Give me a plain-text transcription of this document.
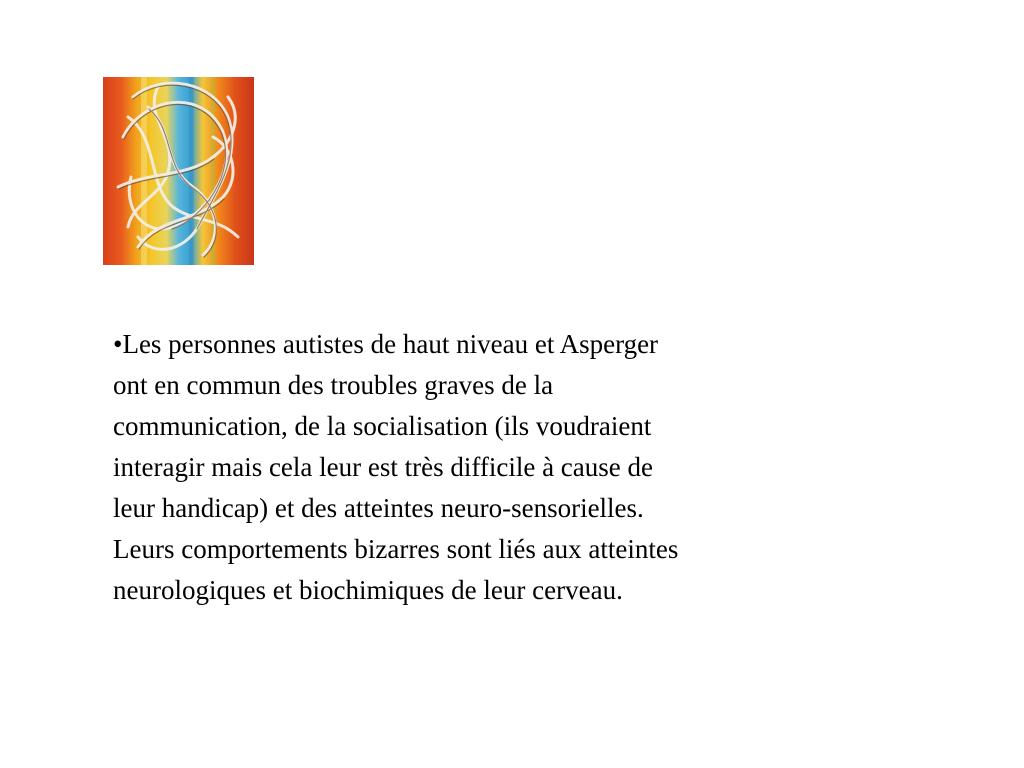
•Les personnes autistes de haut niveau et Asperger
ont en commun des troubles graves de la
communication, de la socialisation (ils voudraient
interagir mais cela leur est très difficile à cause de
leur handicap) et des atteintes neuro-sensorielles.
Leurs comportements bizarres sont liés aux atteintes
neurologiques et biochimiques de leur cerveau.
